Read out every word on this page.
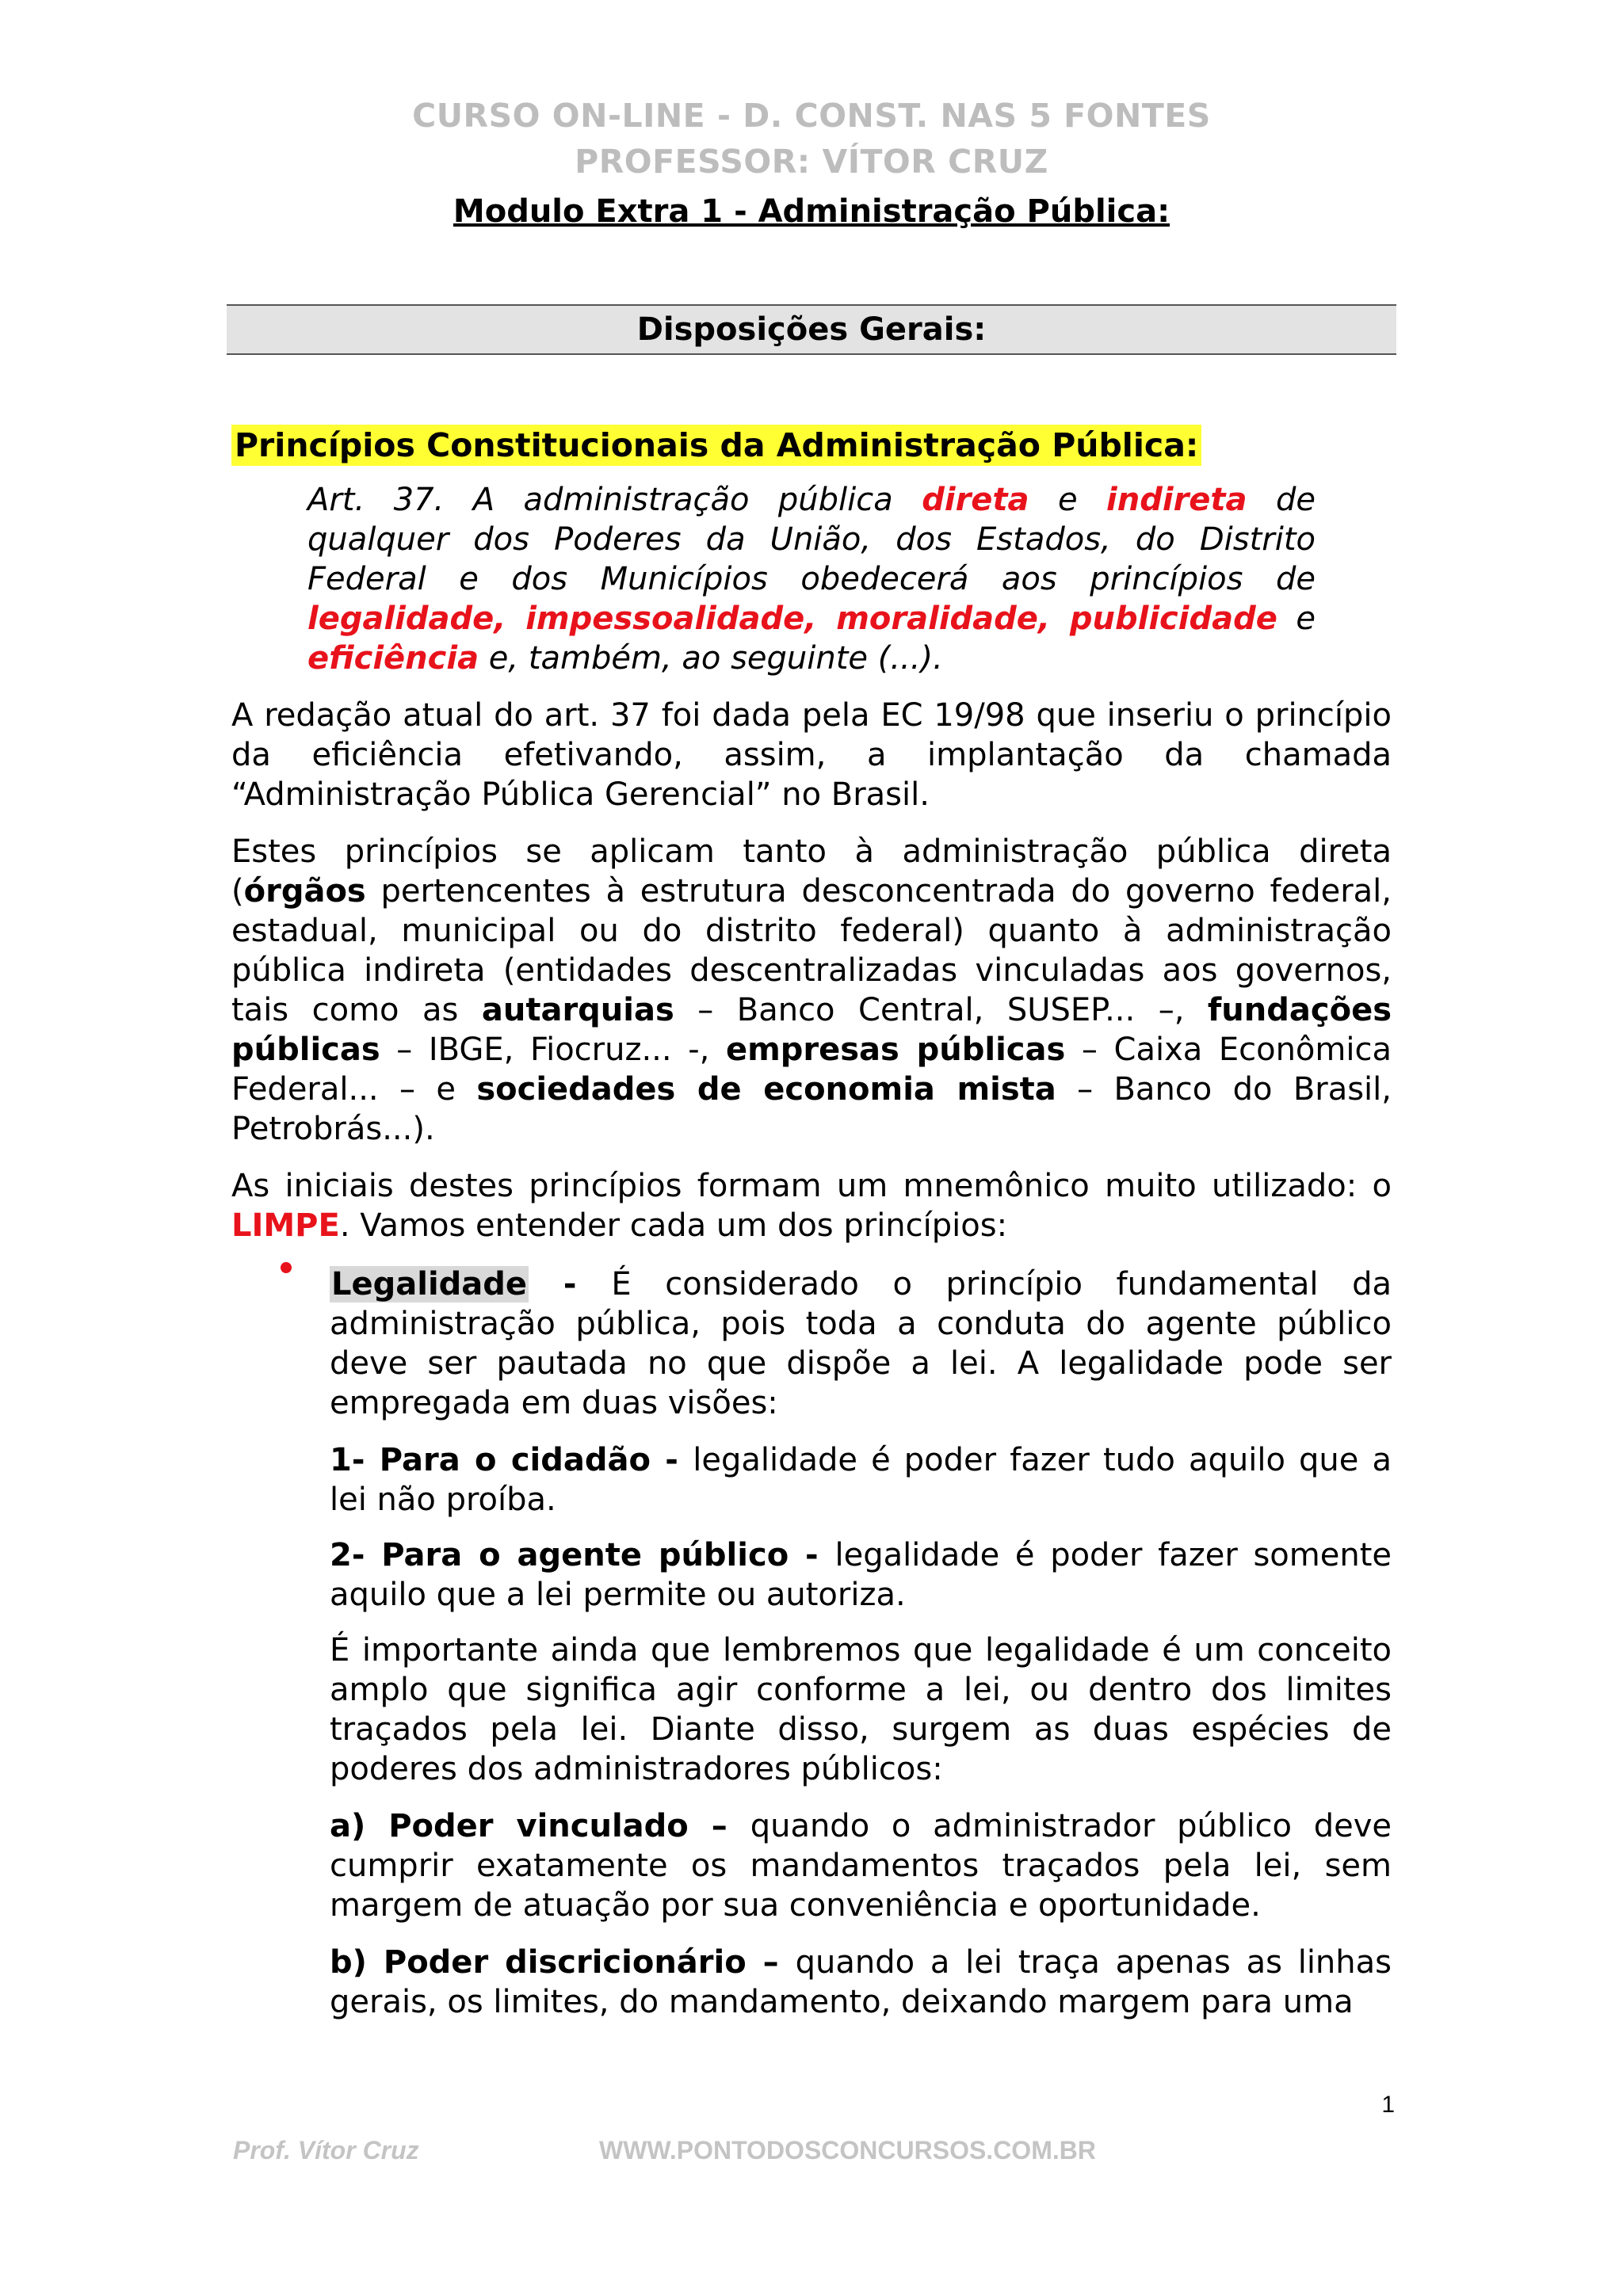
CURSO ON-LINE - D. CONST. NAS 5 FONTES
PROFESSOR: VÍTOR CRUZ
Modulo Extra 1 - Administração Pública:
Disposições Gerais:
Princípios Constitucionais da Administração Pública:
Art. 37. A administração pública direta e indireta de qualquer dos Poderes da União, dos Estados, do Distrito Federal e dos Municípios obedecerá aos princípios de legalidade, impessoalidade, moralidade, publicidade e eficiência e, também, ao seguinte (...).
A redação atual do art. 37 foi dada pela EC 19/98 que inseriu o princípio da eficiência efetivando, assim, a implantação da chamada “Administração Pública Gerencial” no Brasil.
Estes princípios se aplicam tanto à administração pública direta (órgãos pertencentes à estrutura desconcentrada do governo federal, estadual, municipal ou do distrito federal) quanto à administração pública indireta (entidades descentralizadas vinculadas aos governos, tais como as autarquias – Banco Central, SUSEP... –, fundações públicas – IBGE, Fiocruz... -, empresas públicas – Caixa Econômica Federal... – e sociedades de economia mista – Banco do Brasil, Petrobrás...).
As iniciais destes princípios formam um mnemônico muito utilizado: o LIMPE. Vamos entender cada um dos princípios:
Legalidade - É considerado o princípio fundamental da administração pública, pois toda a conduta do agente público deve ser pautada no que dispõe a lei. A legalidade pode ser empregada em duas visões:
1- Para o cidadão - legalidade é poder fazer tudo aquilo que a lei não proíba.
2- Para o agente público - legalidade é poder fazer somente aquilo que a lei permite ou autoriza.
É importante ainda que lembremos que legalidade é um conceito amplo que significa agir conforme a lei, ou dentro dos limites traçados pela lei. Diante disso, surgem as duas espécies de poderes dos administradores públicos:
a) Poder vinculado – quando o administrador público deve cumprir exatamente os mandamentos traçados pela lei, sem margem de atuação por sua conveniência e oportunidade.
b) Poder discricionário – quando a lei traça apenas as linhas gerais, os limites, do mandamento, deixando margem para uma
1
Prof. Vítor Cruz	WWW.PONTODOSCONCURSOS.COM.BR
